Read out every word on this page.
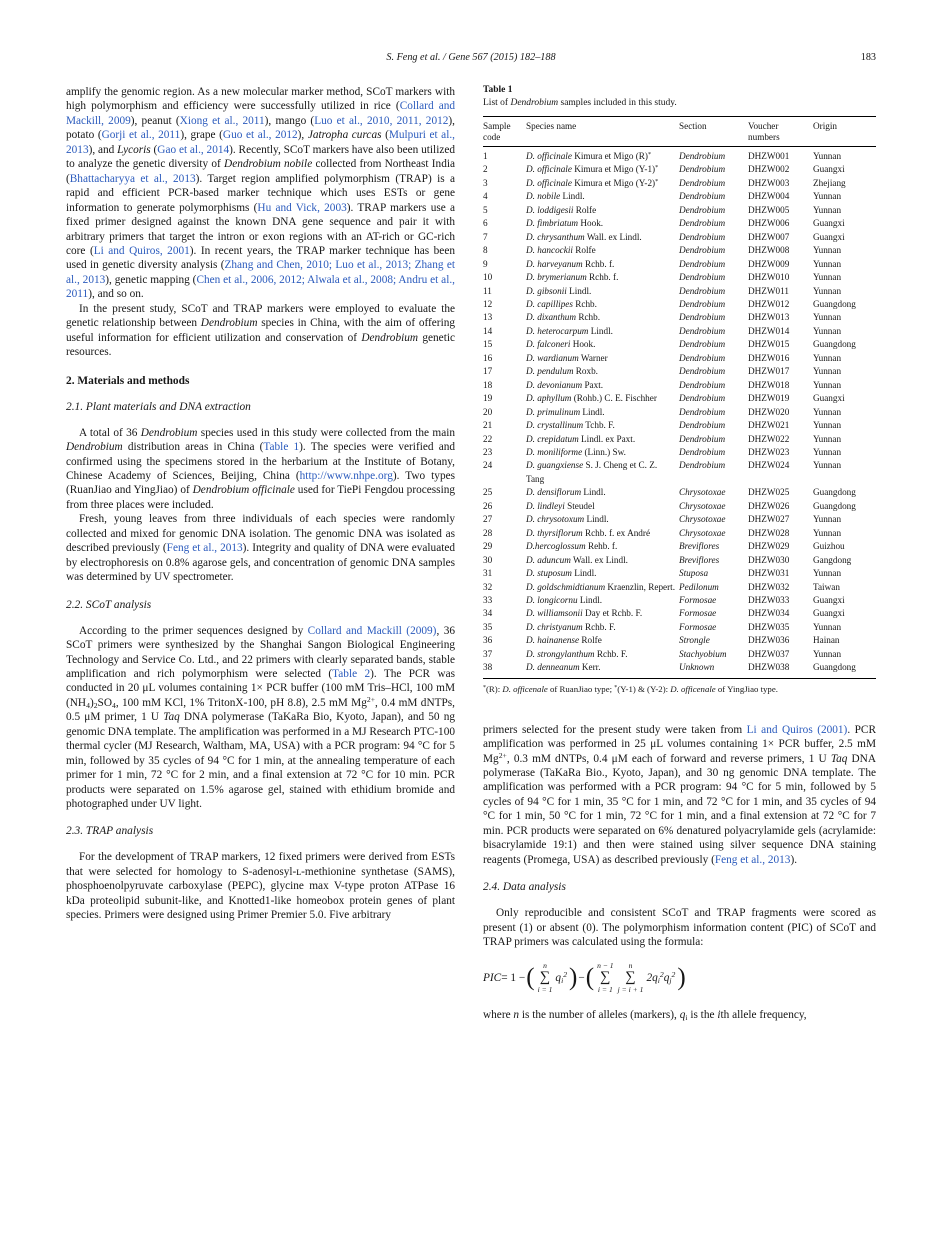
S. Feng et al. / Gene 567 (2015) 182–188	183

amplify the genomic region. As a new molecular marker method, SCoT markers with high polymorphism and efficiency were successfully utilized in rice (Collard and Mackill, 2009), peanut (Xiong et al., 2011), mango (Luo et al., 2010, 2011, 2012), potato (Gorji et al., 2011), grape (Guo et al., 2012), Jatropha curcas (Mulpuri et al., 2013), and Lycoris (Gao et al., 2014). Recently, SCoT markers have also been utilized to analyze the genetic diversity of Dendrobium nobile collected from Northeast India (Bhattacharyya et al., 2013). Target region amplified polymorphism (TRAP) is a rapid and efficient PCR-based marker technique which uses ESTs or gene information to generate polymorphisms (Hu and Vick, 2003). TRAP markers use a fixed primer designed against the known DNA gene sequence and pair it with arbitrary primers that target the intron or exon regions with an AT-rich or GC-rich core (Li and Quiros, 2001). In recent years, the TRAP marker technique has been used in genetic diversity analysis (Zhang and Chen, 2010; Luo et al., 2013; Zhang et al., 2013), genetic mapping (Chen et al., 2006, 2012; Alwala et al., 2008; Andru et al., 2011), and so on.

In the present study, SCoT and TRAP markers were employed to evaluate the genetic relationship between Dendrobium species in China, with the aim of offering useful information for efficient utilization and conservation of Dendrobium genetic resources.

2. Materials and methods
2.1. Plant materials and DNA extraction

A total of 36 Dendrobium species used in this study were collected from the main Dendrobium distribution areas in China (Table 1). The species were verified and confirmed using the specimens stored in the herbarium at the Institute of Botany, Chinese Academy of Sciences, Beijing, China (http://www.nhpe.org). Two types (RuanJiao and YingJiao) of Dendrobium officinale used for TiePi Fengdou processing from three places were included.

Fresh, young leaves from three individuals of each species were randomly collected and mixed for genomic DNA isolation. The genomic DNA was isolated as described previously (Feng et al., 2013). Integrity and quality of DNA were evaluated by electrophoresis on 0.8% agarose gels, and concentration of genomic DNA samples was determined by UV spectrometer.

2.2. SCoT analysis

According to the primer sequences designed by Collard and Mackill (2009), 36 SCoT primers were synthesized by the Shanghai Sangon Biological Engineering Technology and Service Co. Ltd., and 22 primers with clearly separated bands, stable amplification and rich polymorphism were selected (Table 2). The PCR was conducted in 20 μL volumes containing 1× PCR buffer (100 mM Tris–HCl, 100 mM (NH4)2SO4, 100 mM KCl, 1% TritonX-100, pH 8.8), 2.5 mM $Mg^{2+}$, 0.4 mM dNTPs, 0.5 μM primer, 1 U Taq DNA polymerase (TaKaRa Bio, Kyoto, Japan), and 50 ng genomic DNA template. The amplification was performed in a MJ Research PTC-100 thermal cycler (MJ Research, Waltham, MA, USA) with a PCR program: 94 °C for 5 min, followed by 35 cycles of 94 °C for 1 min, at the annealing temperature of each primer for 1 min, 72 °C for 2 min, and a final extension at 72 °C for 10 min. PCR products were separated on 1.5% agarose gel, stained with ethidium bromide and photographed under UV light.

2.3. TRAP analysis

For the development of TRAP markers, 12 fixed primers were derived from ESTs that were selected for homology to S-adenosyl-ʟ-methionine synthetase (SAMS), phosphoenolpyruvate carboxylase (PEPC), glycine max V-type proton ATPase 16 kDa proteolipid subunit-like, and Knotted1-like homeobox protein genes of plant species. Primers were designed using Primer Premier 5.0. Five arbitrary

Table 1
List of Dendrobium samples included in this study.
Sample code	Species name	Section	Voucher numbers	Origin
1	D. officinale Kimura et Migo (R)*	Dendrobium	DHZW001	Yunnan
2	D. officinale Kimura et Migo (Y-1)*	Dendrobium	DHZW002	Guangxi
3	D. officinale Kimura et Migo (Y-2)*	Dendrobium	DHZW003	Zhejiang
4	D. nobile Lindl.	Dendrobium	DHZW004	Yunnan
5	D. loddigesii Rolfe	Dendrobium	DHZW005	Yunnan
6	D. fimbriatum Hook.	Dendrobium	DHZW006	Guangxi
7	D. chrysanthum Wall. ex Lindl.	Dendrobium	DHZW007	Guangxi
8	D. hancockii Rolfe	Dendrobium	DHZW008	Yunnan
9	D. harveyanum Rchb. f.	Dendrobium	DHZW009	Yunnan
10	D. brymerianum Rchb. f.	Dendrobium	DHZW010	Yunnan
11	D. gibsonii Lindl.	Dendrobium	DHZW011	Yunnan
12	D. capillipes Rchb.	Dendrobium	DHZW012	Guangdong
13	D. dixanthum Rchb.	Dendrobium	DHZW013	Yunnan
14	D. heterocarpum Lindl.	Dendrobium	DHZW014	Yunnan
15	D. falconeri Hook.	Dendrobium	DHZW015	Guangdong
16	D. wardianum Warner	Dendrobium	DHZW016	Yunnan
17	D. pendulum Roxb.	Dendrobium	DHZW017	Yunnan
18	D. devonianum Paxt.	Dendrobium	DHZW018	Yunnan
19	D. aphyllum (Rohb.) C. E. Fischher	Dendrobium	DHZW019	Guangxi
20	D. primulinum Lindl.	Dendrobium	DHZW020	Yunnan
21	D. crystallinum Tchb. F.	Dendrobium	DHZW021	Yunnan
22	D. crepidatum Lindl. ex Paxt.	Dendrobium	DHZW022	Yunnan
23	D. moniliforme (Linn.) Sw.	Dendrobium	DHZW023	Yunnan
24	D. guangxiense S. J. Cheng et C. Z. Tang	Dendrobium	DHZW024	Yunnan
25	D. densiflorum Lindl.	Chrysotoxae	DHZW025	Guangdong
26	D. lindleyi Steudel	Chrysotoxae	DHZW026	Guangdong
27	D. chrysotoxum Lindl.	Chrysotoxae	DHZW027	Yunnan
28	D. thyrsiflorum Rchb. f. ex André	Chrysotoxae	DHZW028	Yunnan
29	D.hercoglossum Rehb. f.	Breviflores	DHZW029	Guizhou
30	D. aduncum Wall. ex Lindl.	Breviflores	DHZW030	Gangdong
31	D. stuposum Lindl.	Stuposa	DHZW031	Yunnan
32	D. goldschmidtianum Kraenzlin, Repert.	Pedilonum	DHZW032	Taiwan
33	D. longicornu Lindl.	Formosae	DHZW033	Guangxi
34	D. williamsonii Day et Rchb. F.	Formosae	DHZW034	Guangxi
35	D. christyanum Rchb. F.	Formosae	DHZW035	Yunnan
36	D. hainanense Rolfe	Strongle	DHZW036	Hainan
37	D. strongylanthum Rchb. F.	Stachyobium	DHZW037	Yunnan
38	D. denneanum Kerr.	Unknown	DHZW038	Guangdong
*(R): D. officenale of RuanJiao type; *(Y-1) & (Y-2): D. officenale of YingJiao type.

primers selected for the present study were taken from Li and Quiros (2001). PCR amplification was performed in 25 μL volumes containing 1× PCR buffer, 2.5 mM $Mg^{2+}$, 0.3 mM dNTPs, 0.4 μM each of forward and reverse primers, 1 U Taq DNA polymerase (TaKaRa Bio., Kyoto, Japan), and 30 ng genomic DNA template. The amplification was performed with a PCR program: 94 °C for 5 min, followed by 5 cycles of 94 °C for 1 min, 35 °C for 1 min, and 72 °C for 1 min, and 35 cycles of 94 °C for 1 min, 50 °C for 1 min, 72 °C for 1 min, and a final extension at 72 °C for 7 min. PCR products were separated on 6% denatured polyacrylamide gels (acrylamide: bisacrylamide 19:1) and then were stained using silver sequence DNA staining reagents (Promega, USA) as described previously (Feng et al., 2013).

2.4. Data analysis

Only reproducible and consistent SCoT and TRAP fragments were scored as present (1) or absent (0). The polymorphism information content (PIC) of SCoT and TRAP primers was calculated using the formula:

PIC = 1 − ( n
∑
i = 1
$qi^2$ ) − ( n − 1
∑
i = 1
n
∑
j = i + 1
$2qi^2qj^2$ )

where n is the number of alleles (markers), qi is the ith allele frequency,
